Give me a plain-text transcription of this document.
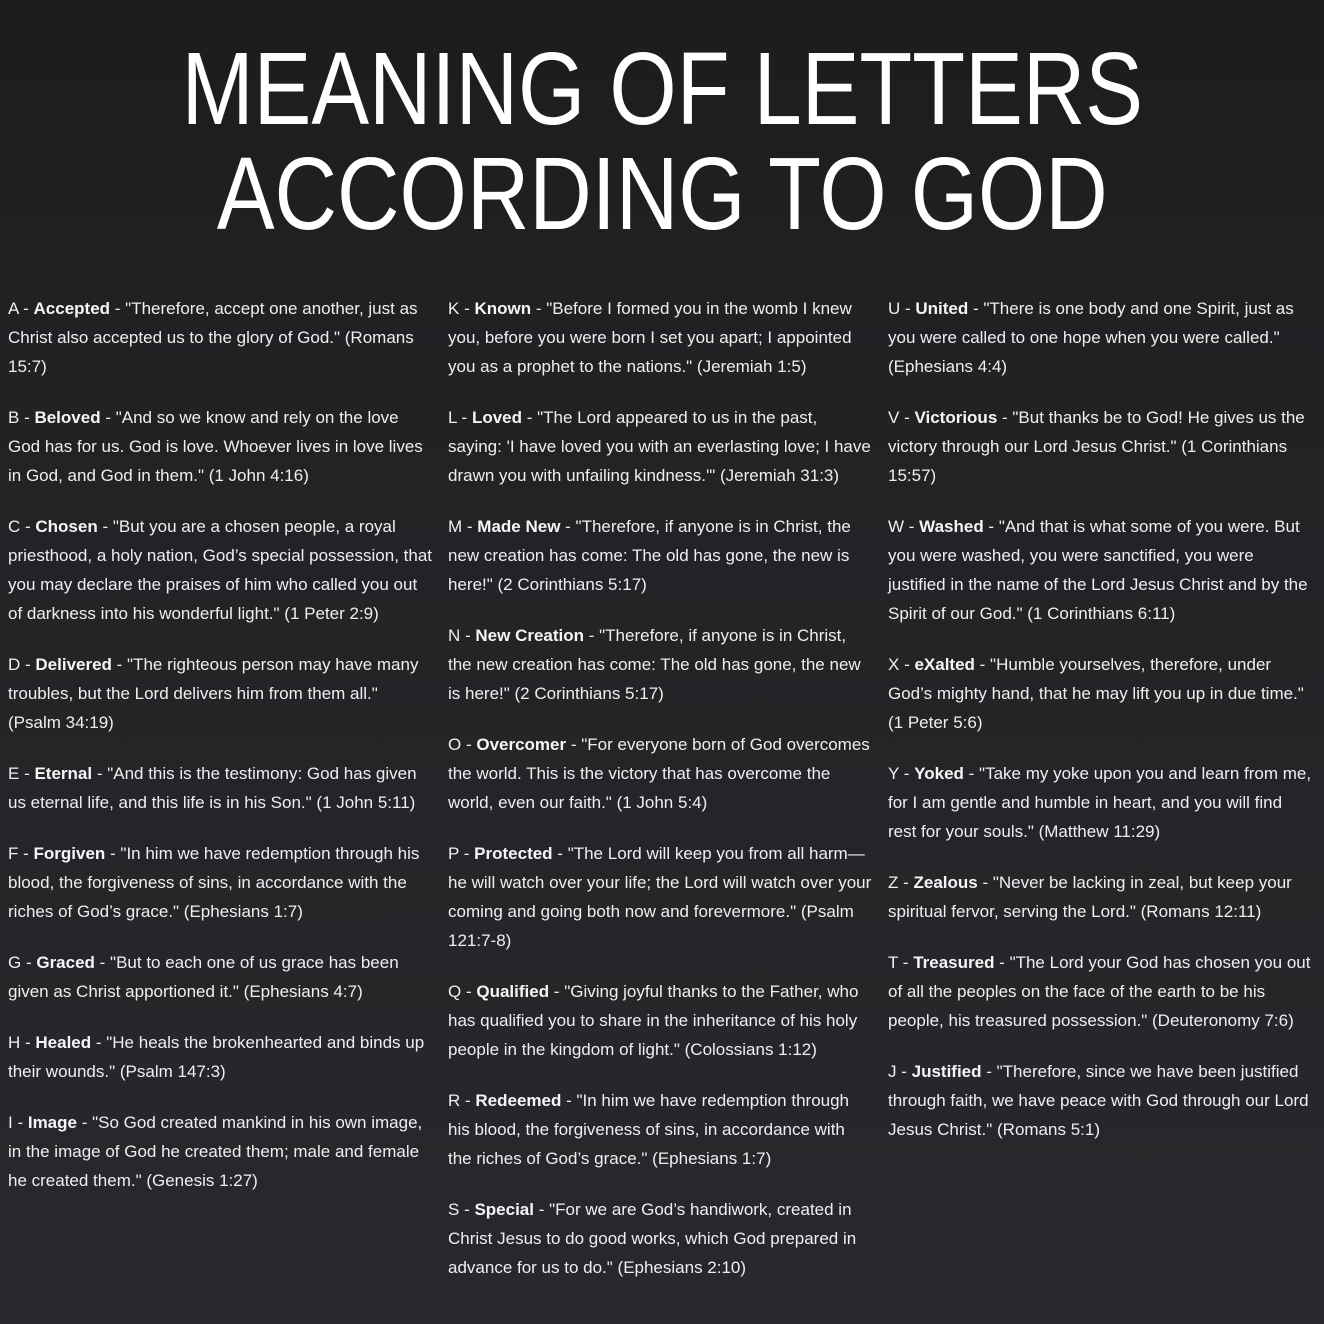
MEANING OF LETTERS
ACCORDING TO GOD

A - Accepted - "Therefore, accept one another, just as Christ also accepted us to the glory of God." (Romans 15:7)

B - Beloved - "And so we know and rely on the love God has for us. God is love. Whoever lives in love lives in God, and God in them." (1 John 4:16)

C - Chosen - "But you are a chosen people, a royal priesthood, a holy nation, God’s special possession, that you may declare the praises of him who called you out of darkness into his wonderful light." (1 Peter 2:9)

D - Delivered - "The righteous person may have many troubles, but the Lord delivers him from them all." (Psalm 34:19)

E - Eternal - "And this is the testimony: God has given us eternal life, and this life is in his Son." (1 John 5:11)

F - Forgiven - "In him we have redemption through his blood, the forgiveness of sins, in accordance with the riches of God’s grace." (Ephesians 1:7)

G - Graced - "But to each one of us grace has been given as Christ apportioned it." (Ephesians 4:7)

H - Healed - "He heals the brokenhearted and binds up their wounds." (Psalm 147:3)

I - Image - "So God created mankind in his own image, in the image of God he created them; male and female he created them." (Genesis 1:27)

K - Known - "Before I formed you in the womb I knew you, before you were born I set you apart; I appointed you as a prophet to the nations." (Jeremiah 1:5)

L - Loved - "The Lord appeared to us in the past, saying: 'I have loved you with an everlasting love; I have drawn you with unfailing kindness.'" (Jeremiah 31:3)

M - Made New - "Therefore, if anyone is in Christ, the new creation has come: The old has gone, the new is here!" (2 Corinthians 5:17)

N - New Creation - "Therefore, if anyone is in Christ, the new creation has come: The old has gone, the new is here!" (2 Corinthians 5:17)

O - Overcomer - "For everyone born of God overcomes the world. This is the victory that has overcome the world, even our faith." (1 John 5:4)

P - Protected - "The Lord will keep you from all harm—he will watch over your life; the Lord will watch over your coming and going both now and forevermore." (Psalm 121:7-8)

Q - Qualified - "Giving joyful thanks to the Father, who has qualified you to share in the inheritance of his holy people in the kingdom of light." (Colossians 1:12)

R - Redeemed - "In him we have redemption through his blood, the forgiveness of sins, in accordance with the riches of God’s grace." (Ephesians 1:7)

S - Special - "For we are God’s handiwork, created in Christ Jesus to do good works, which God prepared in advance for us to do." (Ephesians 2:10)

U - United - "There is one body and one Spirit, just as you were called to one hope when you were called." (Ephesians 4:4)

V - Victorious - "But thanks be to God! He gives us the victory through our Lord Jesus Christ." (1 Corinthians 15:57)

W - Washed - "And that is what some of you were. But you were washed, you were sanctified, you were justified in the name of the Lord Jesus Christ and by the Spirit of our God." (1 Corinthians 6:11)

X - eXalted - "Humble yourselves, therefore, under God’s mighty hand, that he may lift you up in due time." (1 Peter 5:6)

Y - Yoked - "Take my yoke upon you and learn from me, for I am gentle and humble in heart, and you will find rest for your souls." (Matthew 11:29)

Z - Zealous - "Never be lacking in zeal, but keep your spiritual fervor, serving the Lord." (Romans 12:11)

T - Treasured - "The Lord your God has chosen you out of all the peoples on the face of the earth to be his people, his treasured possession." (Deuteronomy 7:6)

J - Justified - "Therefore, since we have been justified through faith, we have peace with God through our Lord Jesus Christ." (Romans 5:1)
